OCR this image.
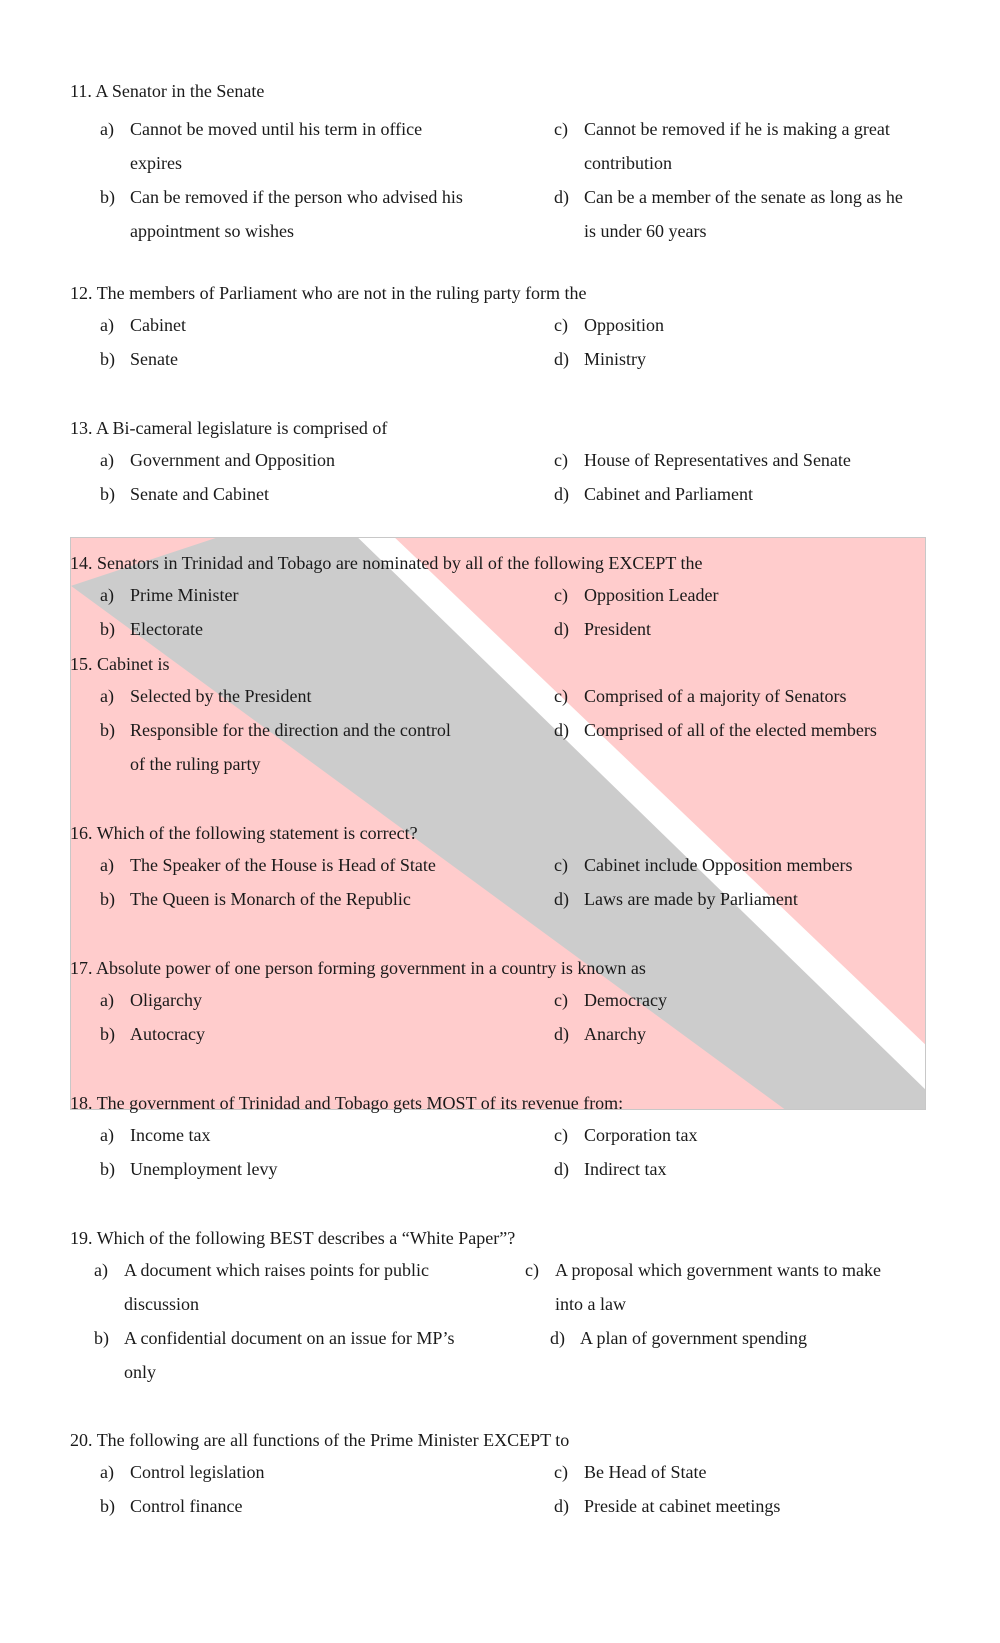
11. A Senator in the Senate
a) Cannot be moved until his term in office expires
b) Can be removed if the person who advised his appointment so wishes
c) Cannot be removed if he is making a great contribution
d) Can be a member of the senate as long as he is under 60 years
12. The members of Parliament who are not in the ruling party form the
a) Cabinet
b) Senate
c) Opposition
d) Ministry
13. A Bi-cameral legislature is comprised of
a) Government and Opposition
b) Senate and Cabinet
c) House of Representatives and Senate
d) Cabinet and Parliament
14. Senators in Trinidad and Tobago are nominated by all of the following EXCEPT the
a) Prime Minister
b) Electorate
c) Opposition Leader
d) President
15. Cabinet is
a) Selected by the President
b) Responsible for the direction and the control of the ruling party
c) Comprised of a majority of Senators
d) Comprised of all of the elected members
16. Which of the following statement is correct?
a) The Speaker of the House is Head of State
b) The Queen is Monarch of the Republic
c) Cabinet include Opposition members
d) Laws are made by Parliament
17. Absolute power of one person forming government in a country is known as
a) Oligarchy
b) Autocracy
c) Democracy
d) Anarchy
18. The government of Trinidad and Tobago gets MOST of its revenue from:
a) Income tax
b) Unemployment levy
c) Corporation tax
d) Indirect tax
19. Which of the following BEST describes a “White Paper”?
a) A document which raises points for public discussion
b) A confidential document on an issue for MP’s only
c) A proposal which government wants to make into a law
d) A plan of government spending
20. The following are all functions of the Prime Minister EXCEPT to
a) Control legislation
b) Control finance
c) Be Head of State
d) Preside at cabinet meetings
